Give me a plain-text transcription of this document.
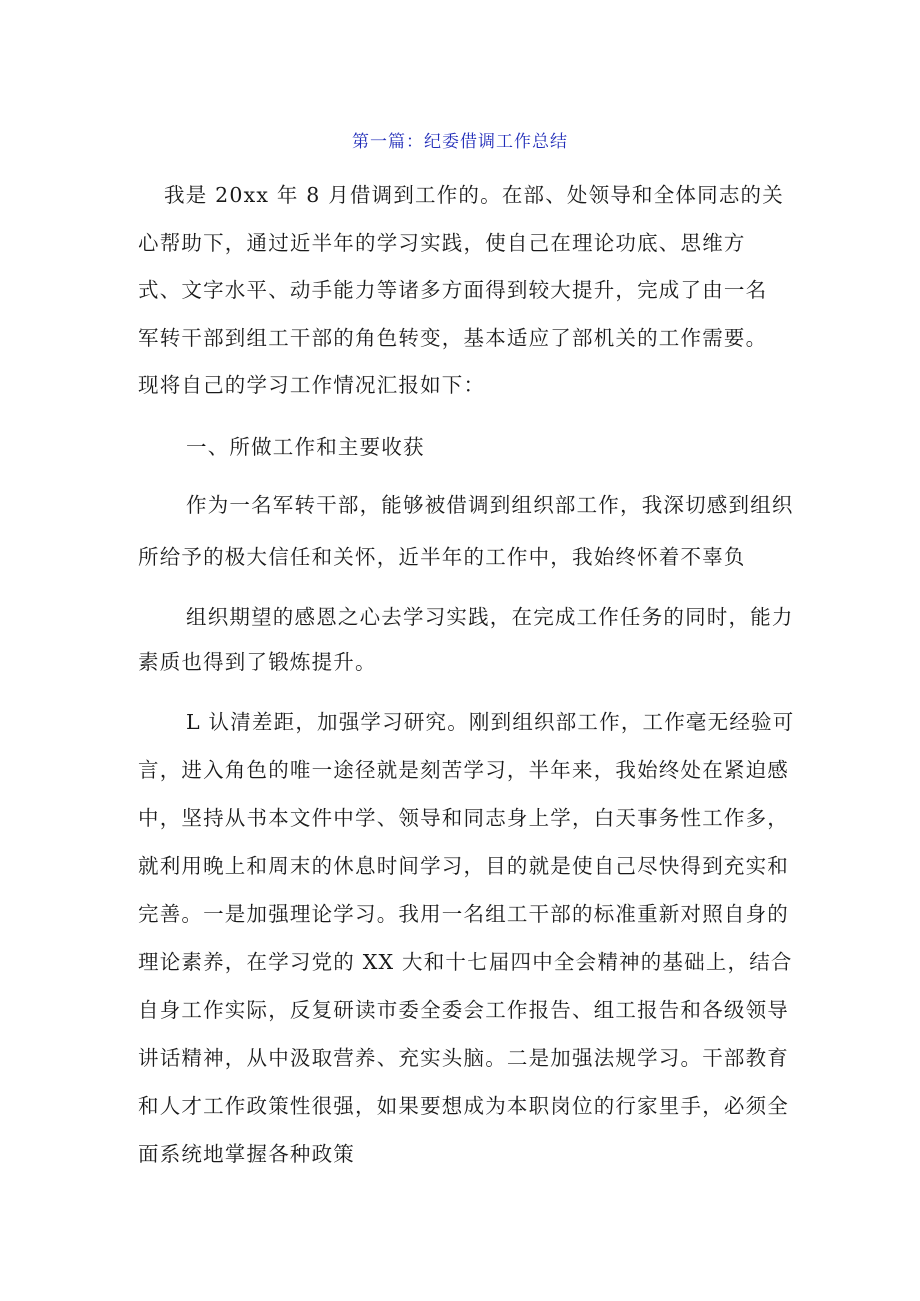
第一篇：纪委借调工作总结
我是 20xx 年 8 月借调到工作的。在部、处领导和全体同志的关
心帮助下，通过近半年的学习实践，使自己在理论功底、思维方
式、文字水平、动手能力等诸多方面得到较大提升，完成了由一名
军转干部到组工干部的角色转变，基本适应了部机关的工作需要。
现将自己的学习工作情况汇报如下：
一、所做工作和主要收获
作为一名军转干部，能够被借调到组织部工作，我深切感到组织
所给予的极大信任和关怀，近半年的工作中，我始终怀着不辜负
组织期望的感恩之心去学习实践，在完成工作任务的同时，能力
素质也得到了锻炼提升。
L 认清差距，加强学习研究。刚到组织部工作，工作毫无经验可
言，进入角色的唯一途径就是刻苦学习，半年来，我始终处在紧迫感
中，坚持从书本文件中学、领导和同志身上学，白天事务性工作多，
就利用晚上和周末的休息时间学习，目的就是使自己尽快得到充实和
完善。一是加强理论学习。我用一名组工干部的标准重新对照自身的
理论素养，在学习党的 XX 大和十七届四中全会精神的基础上，结合
自身工作实际，反复研读市委全委会工作报告、组工报告和各级领导
讲话精神，从中汲取营养、充实头脑。二是加强法规学习。干部教育
和人才工作政策性很强，如果要想成为本职岗位的行家里手，必须全
面系统地掌握各种政策
